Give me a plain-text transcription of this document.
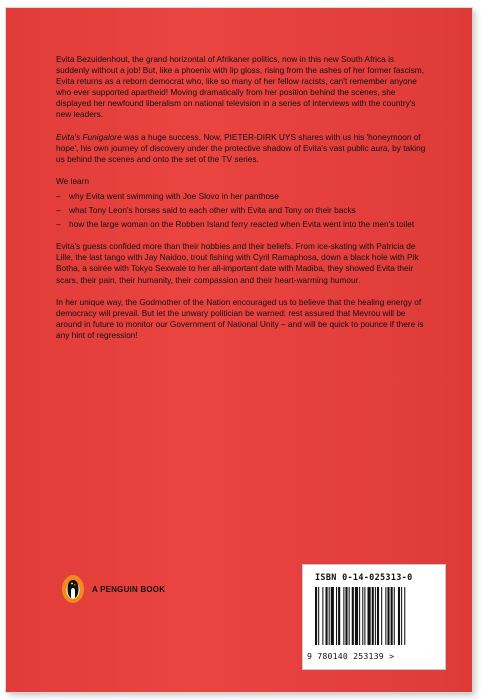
Evita Bezuidenhout, the grand horizontal of Afrikaner politics, now in this new South Africa is suddenly without a job! But, like a phoenix with lip gloss, rising from the ashes of her former fascism, Evita returns as a reborn democrat who, like so many of her fellow racists, can't remember anyone who ever supported apartheid! Moving dramatically from her position behind the scenes, she displayed her newfound liberalism on national television in a series of interviews with the country's new leaders.

Evita's Funigalore was a huge success. Now, PIETER-DIRK UYS shares with us his 'honeymoon of hope', his own journey of discovery under the protective shadow of Evita's vast public aura, by taking us behind the scenes and onto the set of the TV series.

We learn

– why Evita went swimming with Joe Slovo in her panthose
– what Tony Leon's horses said to each other with Evita and Tony on their backs
– how the large woman on the Robben Island ferry reacted when Evita went into the men's toilet

Evita's guests confided more than their hobbies and their beliefs. From ice-skating with Patricia de Lille, the last tango with Jay Naidoo, trout fishing with Cyril Ramaphosa, down a black hole with Pik Botha, a soirée with Tokyo Sexwale to her all-important date with Madiba, they showed Evita their scars, their pain, their humanity, their compassion and their heart-warming humour.

In her unique way, the Godmother of the Nation encouraged us to believe that the healing energy of democracy will prevail. But let the unwary politician be warned: rest assured that Mevrou will be around in future to monitor our Government of National Unity – and will be quick to pounce if there is any hint of regression!

A PENGUIN BOOK
ISBN 0-14-025313-0
9 780140 253139 >
